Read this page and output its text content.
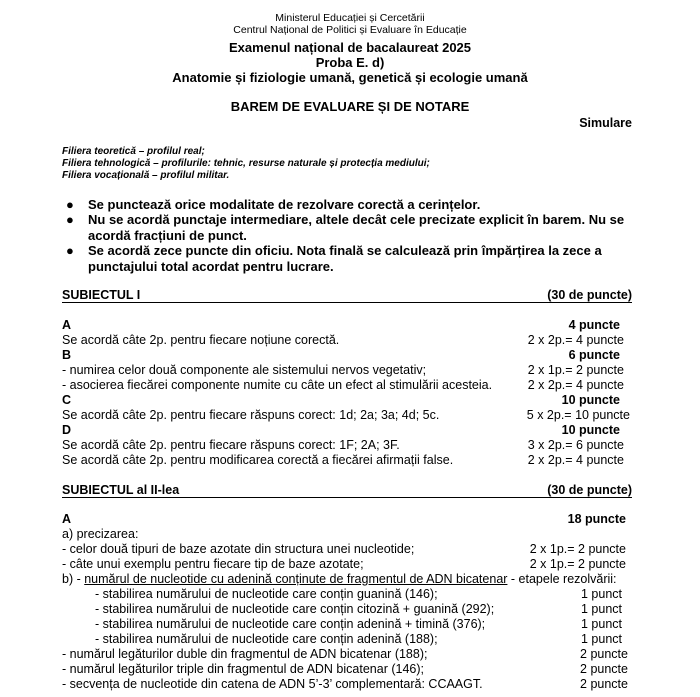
Ministerul Educației și Cercetării
Centrul Național de Politici și Evaluare în Educație
Examenul național de bacalaureat 2025
Proba E. d)
Anatomie și fiziologie umană, genetică și ecologie umană
BAREM DE EVALUARE ȘI DE NOTARE
Simulare
Filiera teoretică – profilul real;
Filiera tehnologică – profilurile: tehnic, resurse naturale și protecția mediului;
Filiera vocațională – profilul militar.
● Se punctează orice modalitate de rezolvare corectă a cerințelor.
● Nu se acordă punctaje intermediare, altele decât cele precizate explicit în barem. Nu se acordă fracțiuni de punct.
● Se acordă zece puncte din oficiu. Nota finală se calculează prin împărțirea la zece a punctajului total acordat pentru lucrare.
SUBIECTUL I	(30 de puncte)
A	4 puncte
Se acordă câte 2p. pentru fiecare noțiune corectă.	2 x 2p.= 4 puncte
B	6 puncte
- numirea celor două componente ale sistemului nervos vegetativ;	2 x 1p.= 2 puncte
- asocierea fiecărei componente numite cu câte un efect al stimulării acesteia.	2 x 2p.= 4 puncte
C	10 puncte
Se acordă câte 2p. pentru fiecare răspuns corect: 1d; 2a; 3a; 4d; 5c.	5 x 2p.= 10 puncte
D	10 puncte
Se acordă câte 2p. pentru fiecare răspuns corect: 1F; 2A; 3F.	3 x 2p.= 6 puncte
Se acordă câte 2p. pentru modificarea corectă a fiecărei afirmații false.	2 x 2p.= 4 puncte
SUBIECTUL al II-lea	(30 de puncte)
A	18 puncte
a) precizarea:
- celor două tipuri de baze azotate din structura unei nucleotide;	2 x 1p.= 2 puncte
- câte unui exemplu pentru fiecare tip de baze azotate;	2 x 1p.= 2 puncte
b) - numărul de nucleotide cu adenină conținute de fragmentul de ADN bicatenar - etapele rezolvării:
- stabilirea numărului de nucleotide care conțin guanină (146);	1 punct
- stabilirea numărului de nucleotide care conțin citozină + guanină (292);	1 punct
- stabilirea numărului de nucleotide care conțin adenină + timină (376);	1 punct
- stabilirea numărului de nucleotide care conțin adenină (188);	1 punct
- numărul legăturilor duble din fragmentul de ADN bicatenar (188);	2 puncte
- numărul legăturilor triple din fragmentul de ADN bicatenar (146);	2 puncte
- secvența de nucleotide din catena de ADN 5’-3’ complementară: CCAAGT.	2 puncte
